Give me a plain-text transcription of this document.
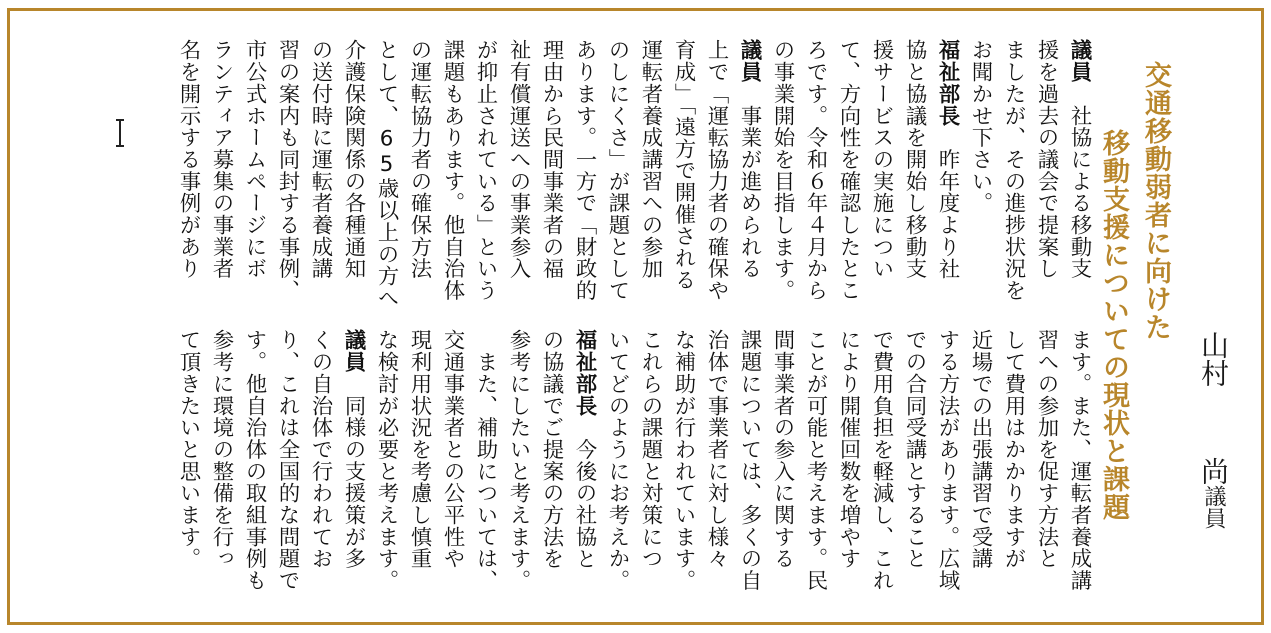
交通移動弱者に向けた
移動支援についての現状と課題 山村尚議員
議員　社協による移動支
援を過去の議会で提案し
ましたが、その進捗状況を
お聞かせ下さい。
福祉部長　昨年度より社
協と協議を開始し移動支
援サービスの実施につい
て、方向性を確認したとこ
ろです。令和６年４月から
の事業開始を目指します。
議員　事業が進められる
上で「運転協力者の確保や
育成」「遠方で開催される
運転者養成講習への参加
のしにくさ」が課題として
あります。一方で「財政的
理由から民間事業者の福
祉有償運送への事業参入
が抑止されている」という
課題もあります。他自治体
の運転協力者の確保方法
として、65歳以上の方へ
介護保険関係の各種通知
の送付時に運転者養成講
習の案内も同封する事例、
市公式ホームページにボ
ランティア募集の事業者
名を開示する事例があり
ます。また、運転者養成講
習への参加を促す方法と
して費用はかかりますが
近場での出張講習で受講
する方法があります。広域
での合同受講とすること
で費用負担を軽減し、これ
により開催回数を増やす
ことが可能と考えます。民
間事業者の参入に関する
課題については、多くの自
治体で事業者に対し様々
な補助が行われています。
これらの課題と対策につ
いてどのようにお考えか。
福祉部長　今後の社協と
の協議でご提案の方法を
参考にしたいと考えます。
　また、補助については、
交通事業者との公平性や
現利用状況を考慮し慎重
な検討が必要と考えます。
議員　同様の支援策が多
くの自治体で行われてお
り、これは全国的な問題で
す。他自治体の取組事例も
参考に環境の整備を行っ
て頂きたいと思います。
